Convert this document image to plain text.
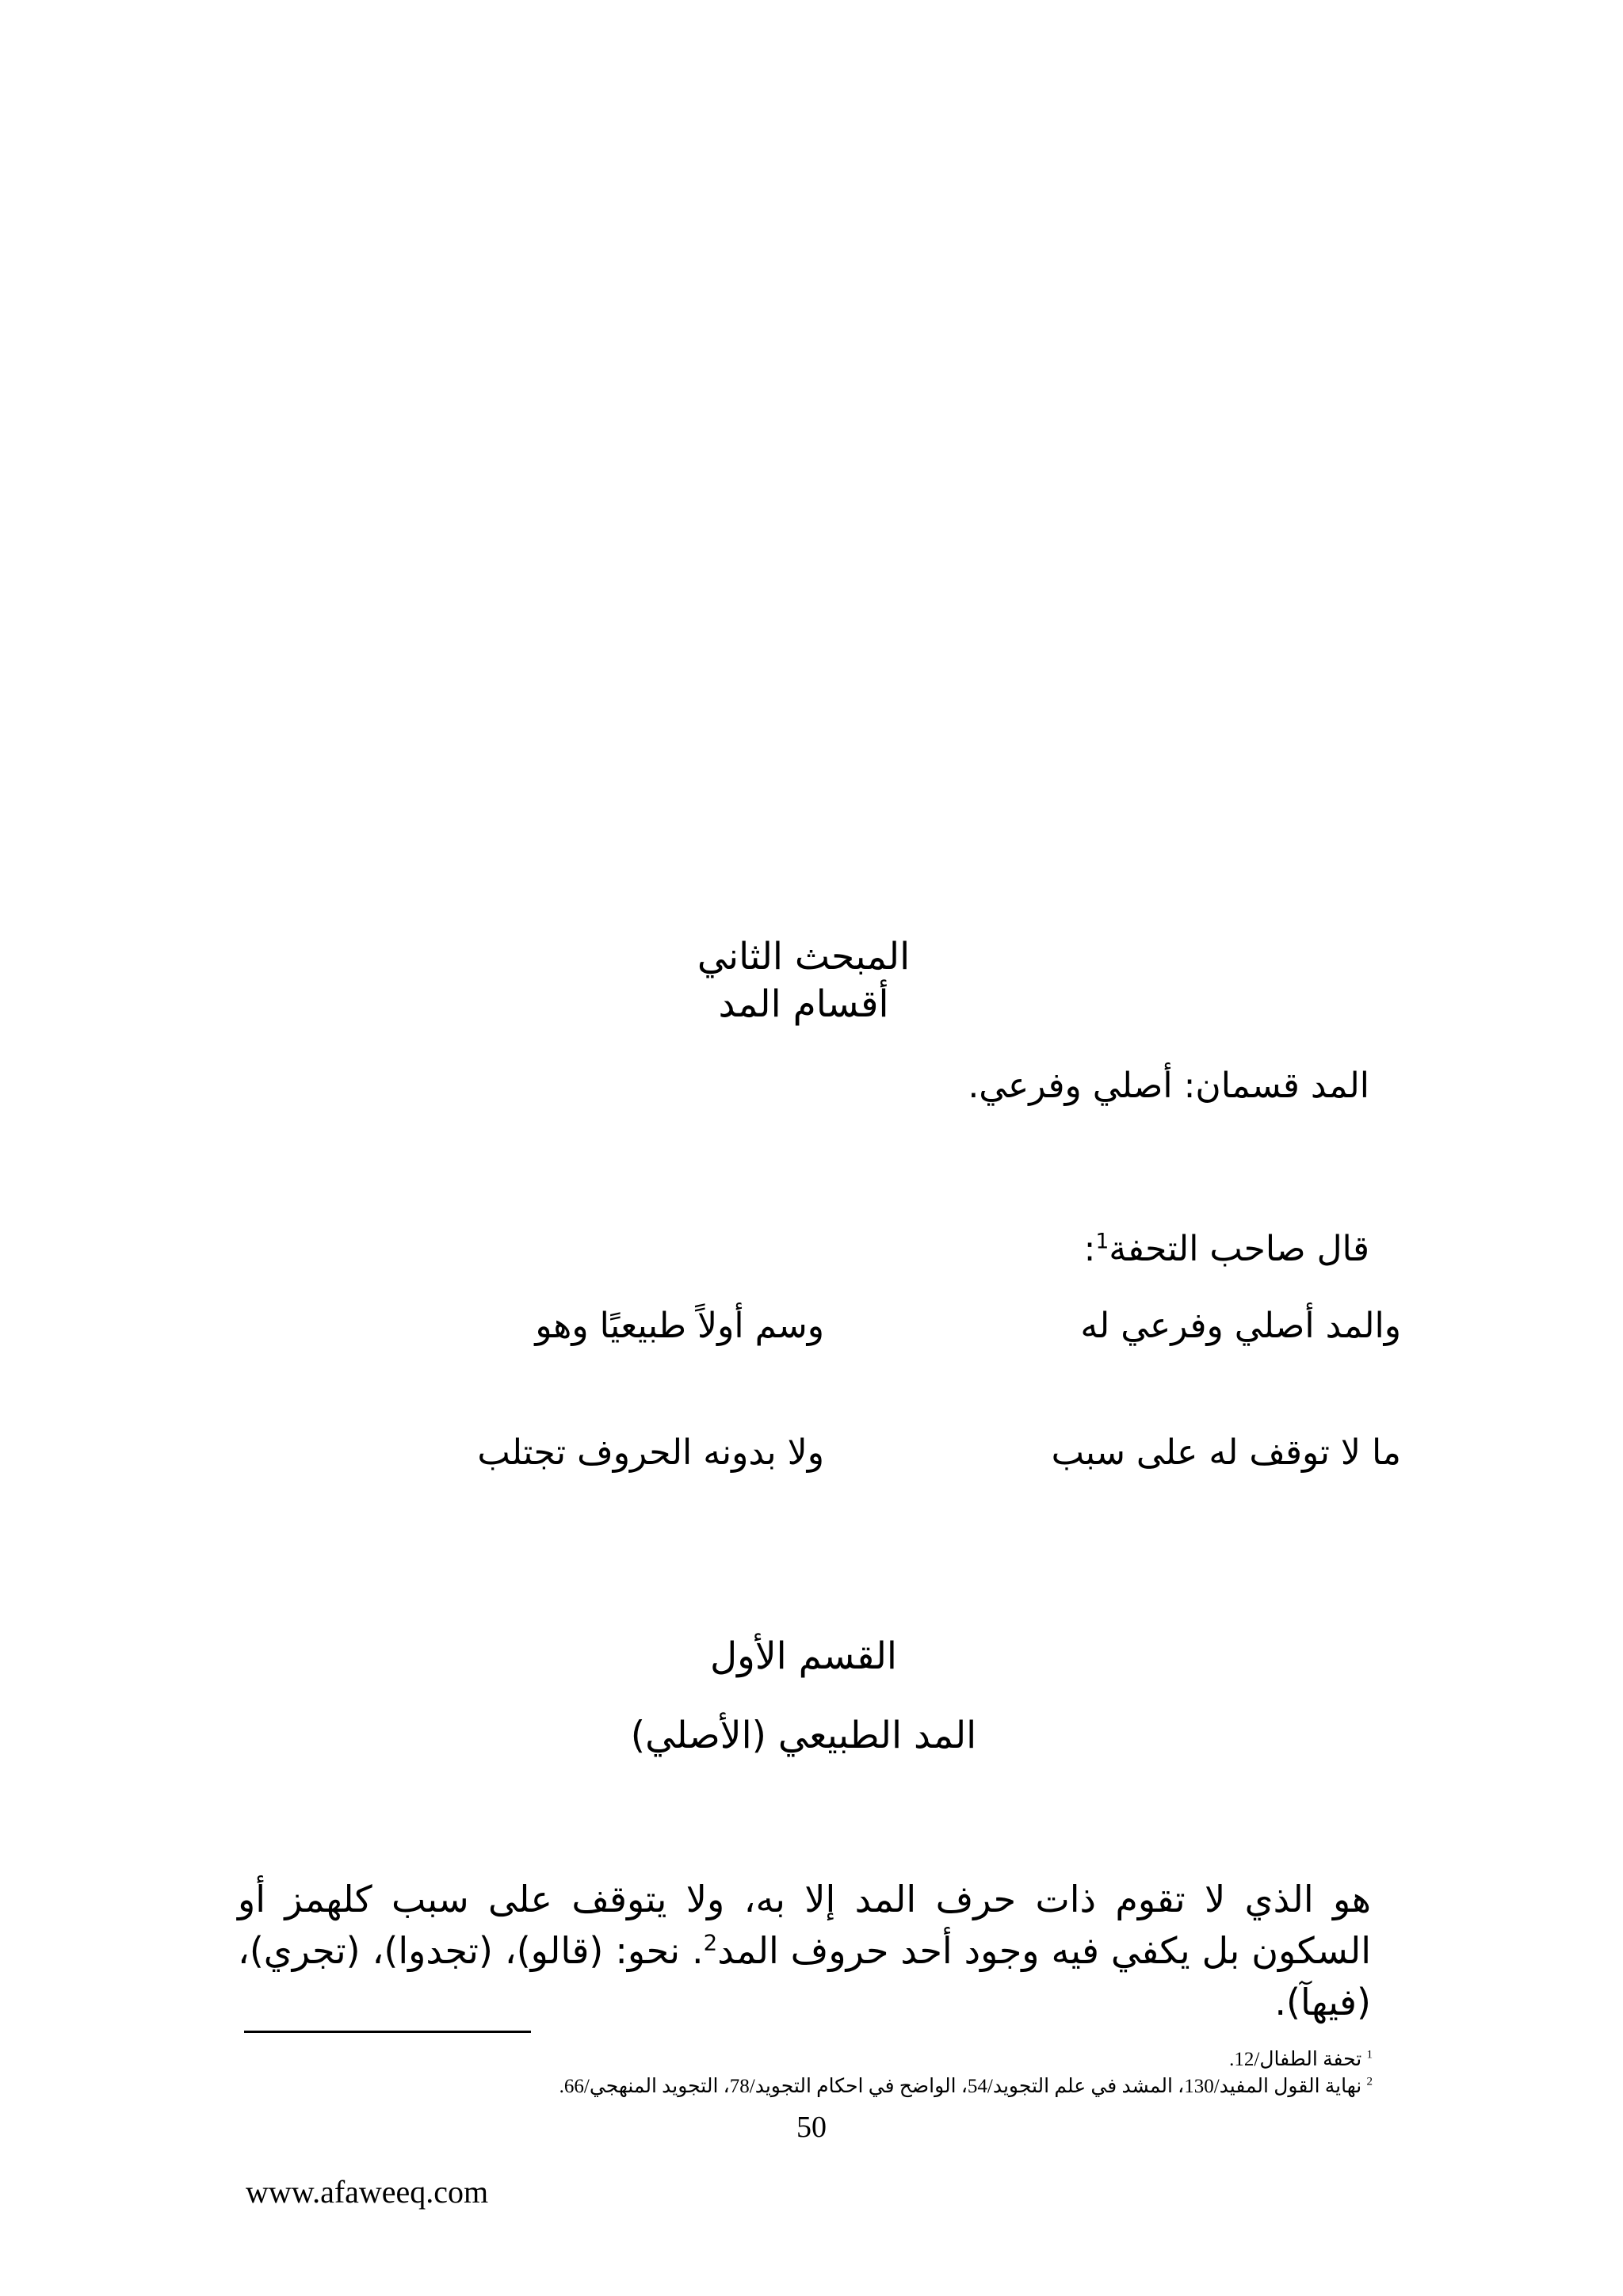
المبحث الثاني
أقسام المد
المد قسمان: أصلي وفرعي.
قال صاحب التحفة$^1$:
والمد أصلي وفرعي له
وسم أولاً طبيعيًا وهو
ما لا توقف له على سبب
ولا بدونه الحروف تجتلب
القسم الأول
المد الطبيعي (الأصلي)
هو الذي لا تقوم ذات حرف المد إلا به، ولا يتوقف على سبب كلهمز أو السكون بل يكفي فيه وجود أحد حروف المد$^2$. نحو: (قالو)، (تجدوا)، (تجري)، (فيهآ).
$^1$ تحفة الطفال/12.
$^2$ نهاية القول المفيد/130، المشد في علم التجويد/54، الواضح في احكام التجويد/78، التجويد المنهجي/66.
50
www.afaweeq.com
